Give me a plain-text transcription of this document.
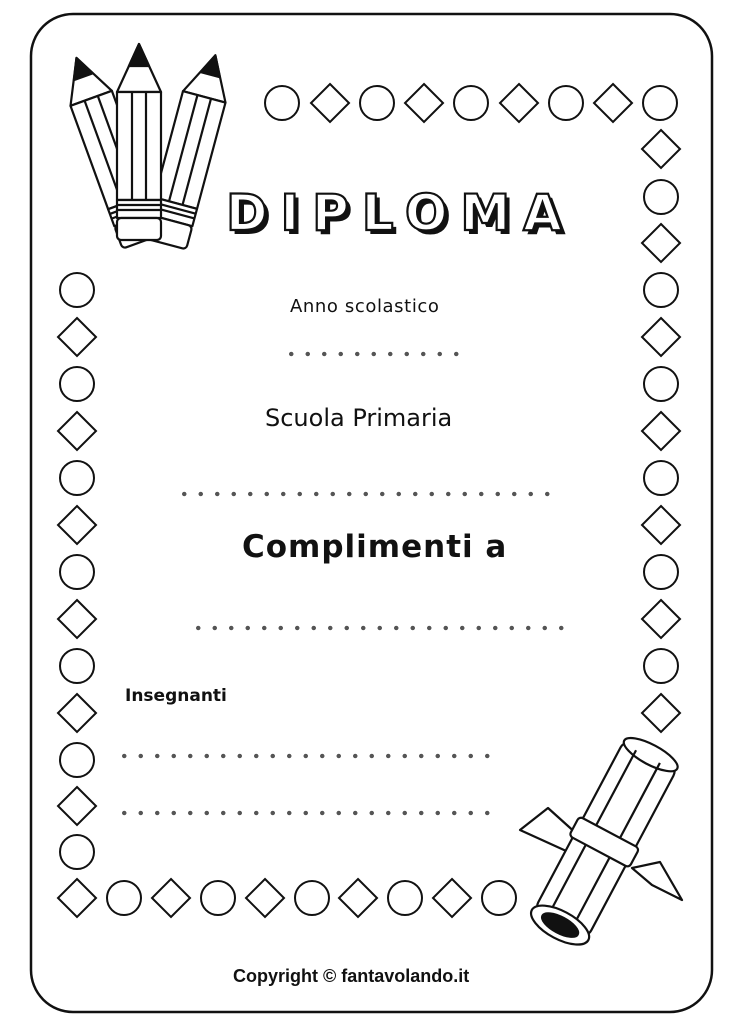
DIPLOMA
Anno scolastico
Scuola Primaria
Complimenti a
Insegnanti
Copyright © fantavolando.it
